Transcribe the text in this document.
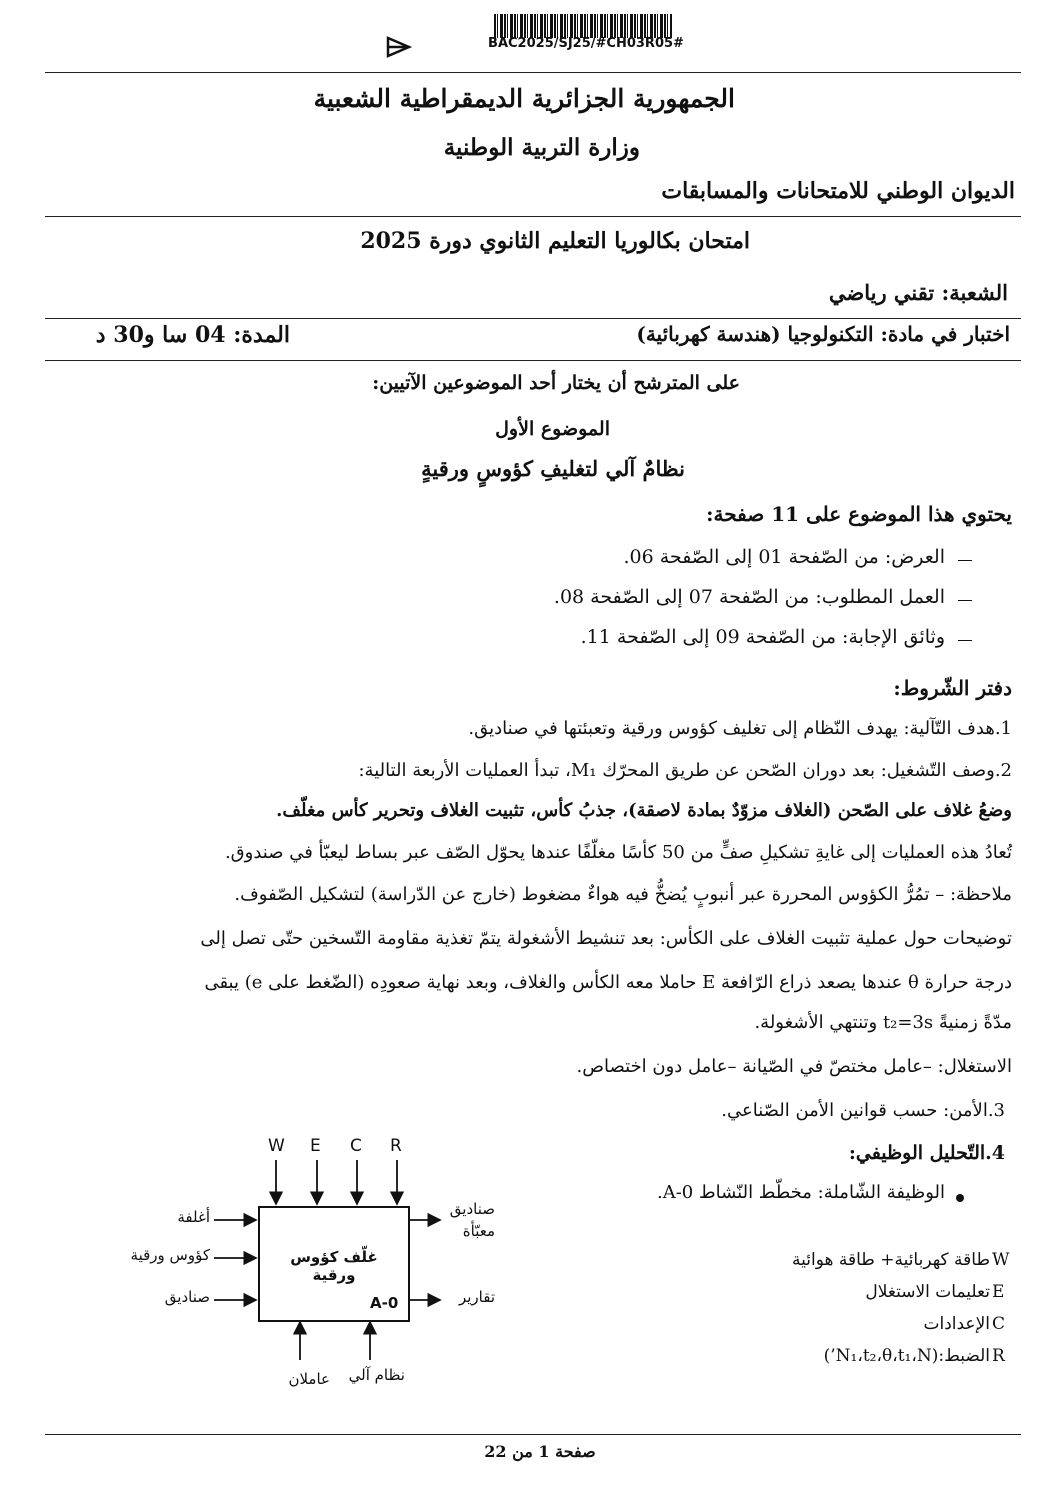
BAC2025/SJ25/#CH03R05#
الجمهورية الجزائرية الديمقراطية الشعبية
وزارة التربية الوطنية
الديوان الوطني للامتحانات والمسابقات
امتحان بكالوريا التعليم الثانوي دورة 2025
الشعبة: تقني رياضي
اختبار في مادة: التكنولوجيا (هندسة كهربائية)
المدة: 04 سا و30 د
على المترشح أن يختار أحد الموضوعين الآتيين:
الموضوع الأول
نظامٌ آلي لتغليفِ كؤوسٍ ورقيةٍ
يحتوي هذا الموضوع على 11 صفحة:
العرض: من الصّفحة 01 إلى الصّفحة 06.
العمل المطلوب: من الصّفحة 07 إلى الصّفحة 08.
وثائق الإجابة: من الصّفحة 09 إلى الصّفحة 11.
دفتر الشّروط:
1.هدف التّآلية: يهدف النّظام إلى تغليف كؤوس ورقية وتعبئتها في صناديق.
2.وصف التّشغيل: بعد دوران الصّحن عن طريق المحرّك M₁، تبدأ العمليات الأربعة التالية:
وضعُ غلاف على الصّحن (الغلاف مزوّدٌ بمادة لاصقة)، جذبُ كأس، تثبيت الغلاف وتحرير كأس مغلّف.
تُعادُ هذه العمليات إلى غايةِ تشكيلِ صفٍّ من 50 كأسًا مغلّفًا عندها يحوّل الصّف عبر بساط ليعبّأ في صندوق.
ملاحظة: – تمُرُّ الكؤوس المحررة عبر أنبوبٍ يُضخُّ فيه هواءٌ مضغوط (خارج عن الدّراسة) لتشكيل الصّفوف.
توضيحات حول عملية تثبيت الغلاف على الكأس: بعد تنشيط الأشغولة يتمّ تغذية مقاومة التّسخين حتّى تصل إلى
درجة حرارة θ عندها يصعد ذراع الرّافعة E حاملا معه الكأس والغلاف، وبعد نهاية صعودِه (الضّغط على e) يبقى
مدّةً زمنيةً t₂=3s وتنتهي الأشغولة.
الاستغلال: –عامل مختصّ في الصّيانة –عامل دون اختصاص.
3.الأمن: حسب قوانين الأمن الصّناعي.
4.التّحليل الوظيفي:
الوظيفة الشّاملة: مخطّط النّشاط A-0.
W E C R
غلّف كؤوس ورقية
A-0
أغلفة
كؤوس ورقية
صناديق
صناديق معبّأة
تقارير
نظام آلي
عاملان
طاقة كهربائية+ طاقة هوائية W
تعليمات الاستغلال E
الإعدادات C
الضبط:(N₁،t₂،θ،t₁،N’) R
صفحة 1 من 22
